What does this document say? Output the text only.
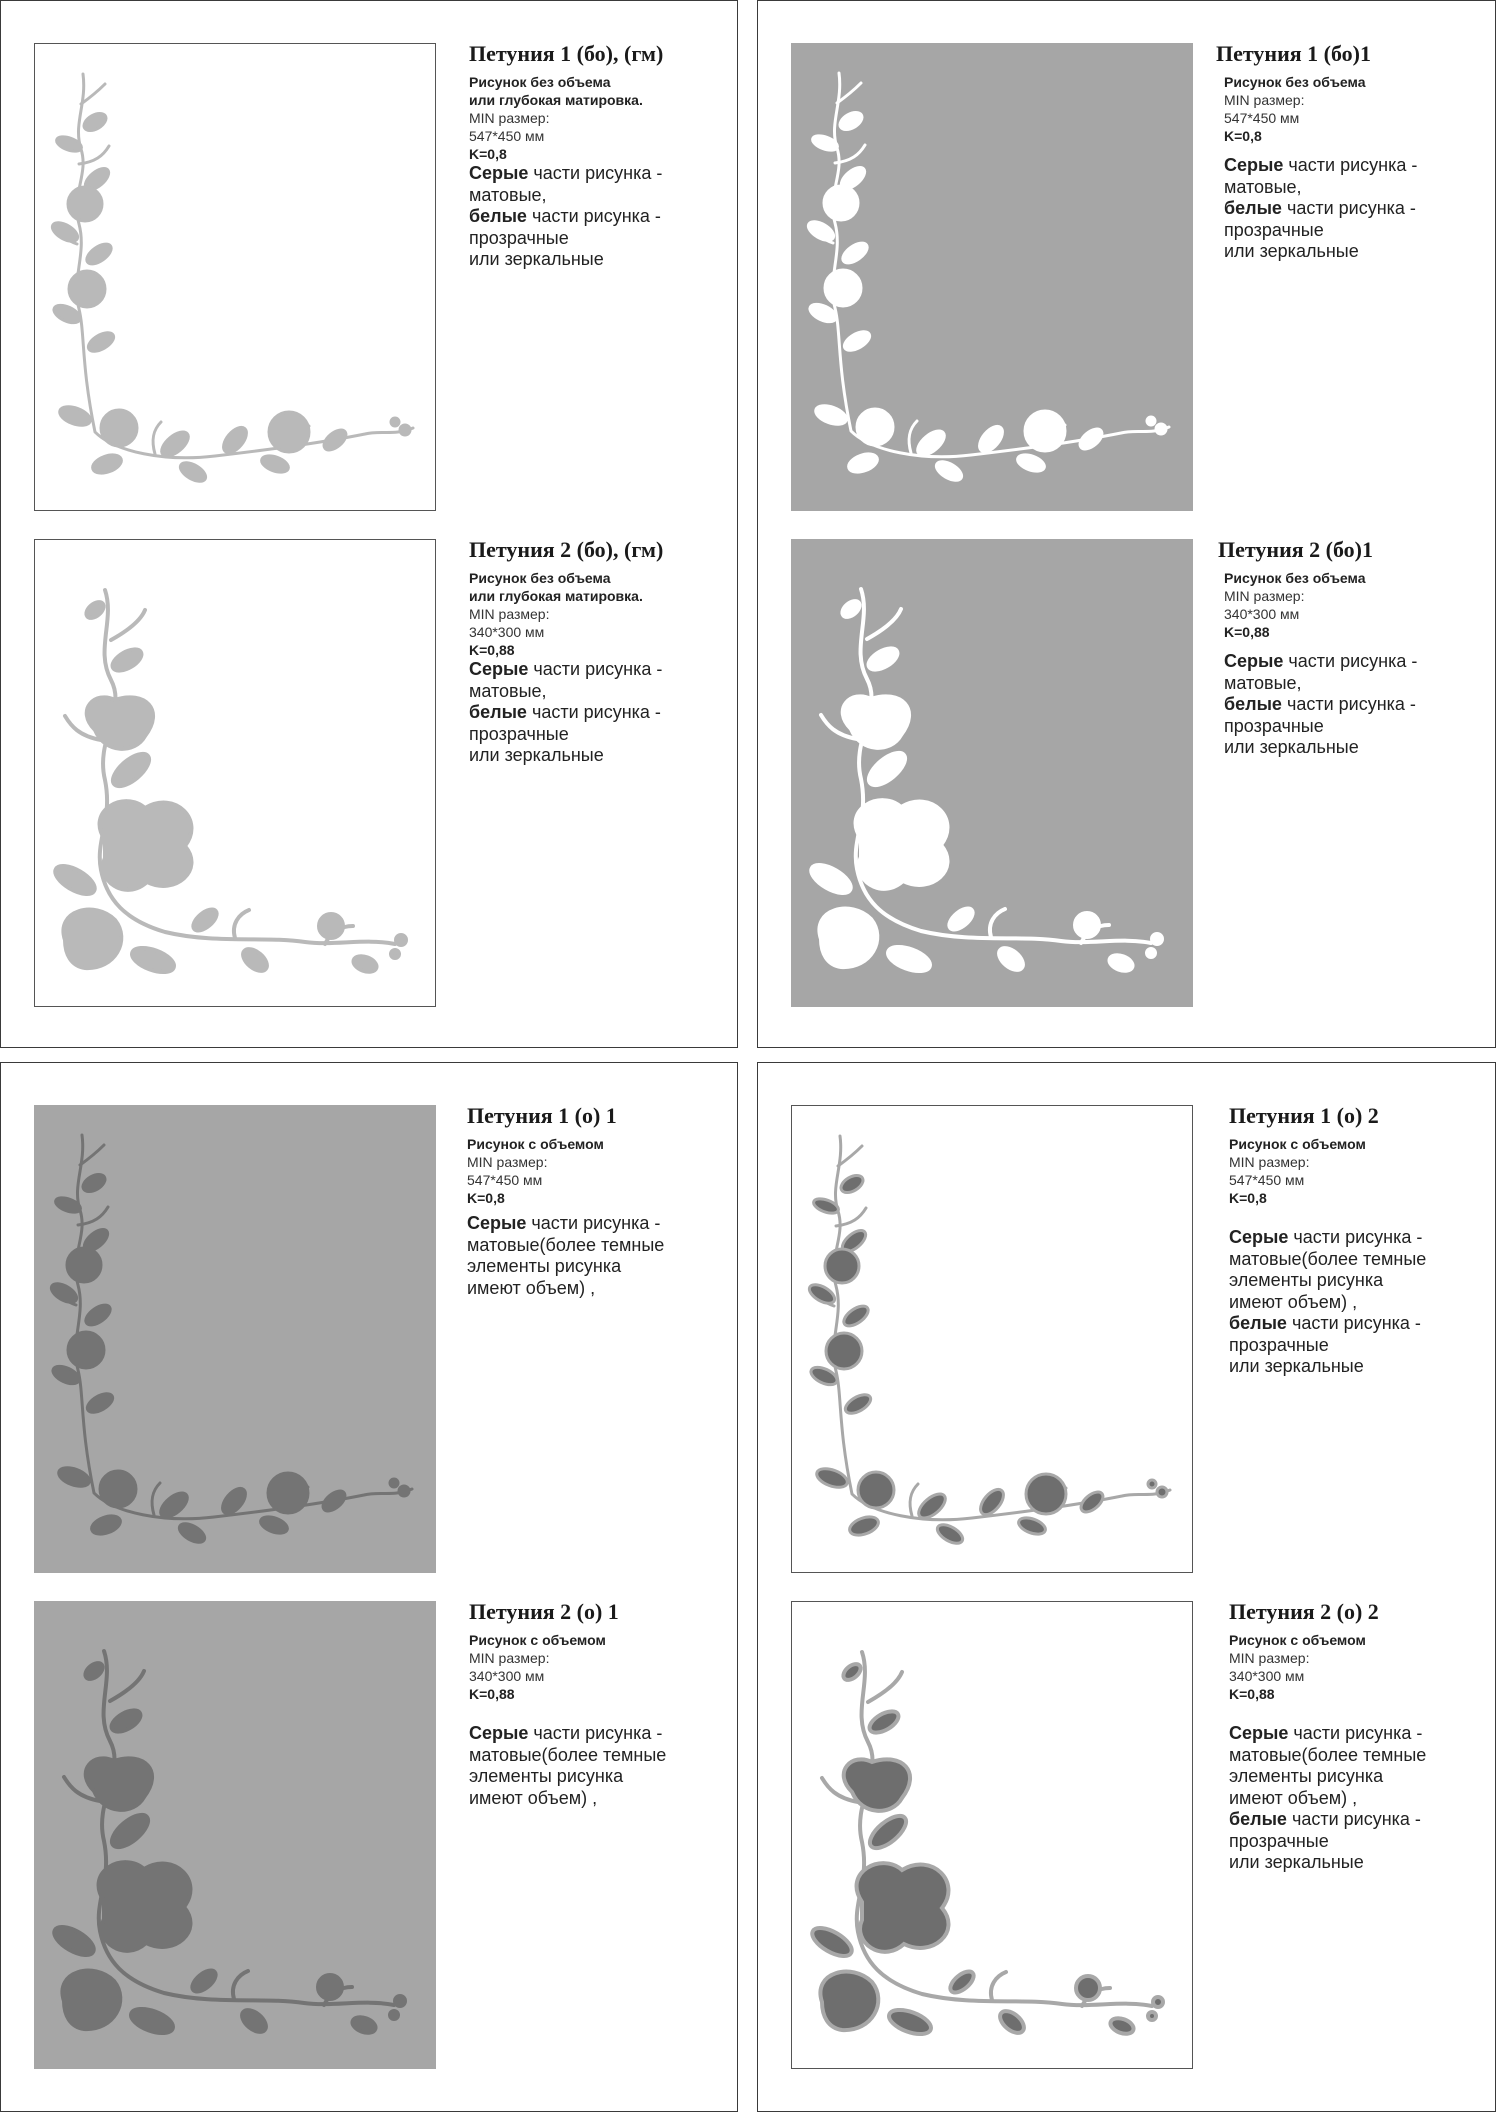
Петуния 1 (бо), (гм)
Рисунок без объема
или глубокая матировка.
MIN размер:
547*450 мм
K=0,8
Серые части рисунка -
матовые,
белые части рисунка -
прозрачные
или зеркальные
Петуния 2 (бо), (гм)
Рисунок без объема
или глубокая матировка.
MIN размер:
340*300 мм
K=0,88
Серые части рисунка -
матовые,
белые части рисунка -
прозрачные
или зеркальные
Петуния 1 (бо)1
Рисунок без объема
MIN размер:
547*450 мм
K=0,8
Серые части рисунка -
матовые,
белые части рисунка -
прозрачные
или зеркальные
Петуния 2 (бо)1
Рисунок без объема
MIN размер:
340*300 мм
K=0,88
Серые части рисунка -
матовые,
белые части рисунка -
прозрачные
или зеркальные
Петуния 1 (о) 1
Рисунок с объемом
MIN размер:
547*450 мм
K=0,8
Серые части рисунка -
матовые(более темные
элементы рисунка
имеют объем) ,
Петуния 2 (о) 1
Рисунок с объемом
MIN размер:
340*300 мм
K=0,88
Серые части рисунка -
матовые(более темные
элементы рисунка
имеют объем) ,
Петуния 1 (о) 2
Рисунок с объемом
MIN размер:
547*450 мм
K=0,8
Серые части рисунка -
матовые(более темные
элементы рисунка
имеют объем) ,
белые части рисунка -
прозрачные
или зеркальные
Петуния 2 (о) 2
Рисунок с объемом
MIN размер:
340*300 мм
K=0,88
Серые части рисунка -
матовые(более темные
элементы рисунка
имеют объем) ,
белые части рисунка -
прозрачные
или зеркальные
